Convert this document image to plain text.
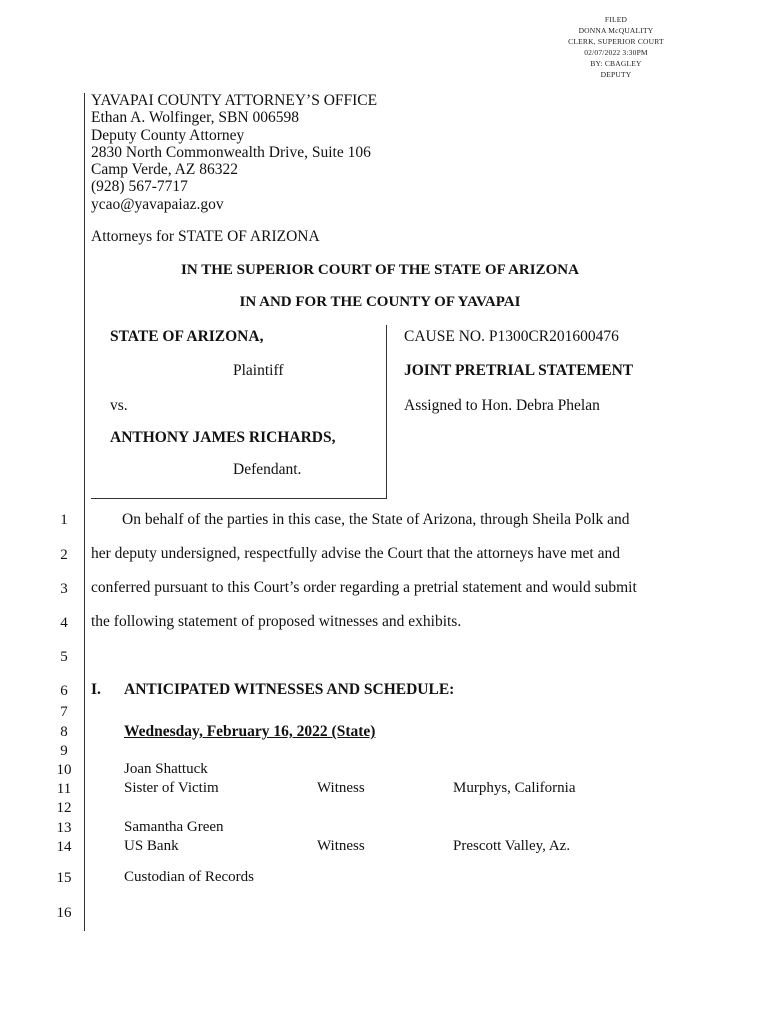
FILED
DONNA McQUALITY
CLERK, SUPERIOR COURT
02/07/2022 3:30PM
BY: CBAGLEY
DEPUTY
YAVAPAI COUNTY ATTORNEY’S OFFICE
Ethan A. Wolfinger, SBN 006598
Deputy County Attorney
2830 North Commonwealth Drive, Suite 106
Camp Verde, AZ 86322
(928) 567-7717
ycao@yavapaiaz.gov
Attorneys for STATE OF ARIZONA
IN THE SUPERIOR COURT OF THE STATE OF ARIZONA
IN AND FOR THE COUNTY OF YAVAPAI
STATE OF ARIZONA,
Plaintiff
vs.
ANTHONY JAMES RICHARDS,
Defendant.
CAUSE NO. P1300CR201600476
JOINT PRETRIAL STATEMENT
Assigned to Hon. Debra Phelan
1
2
3
4
5
6
7
8
9
10
11
12
13
14
15
16
On behalf of the parties in this case, the State of Arizona, through Sheila Polk and
her deputy undersigned, respectfully advise the Court that the attorneys have met and
conferred pursuant to this Court’s order regarding a pretrial statement and would submit
the following statement of proposed witnesses and exhibits.
I. ANTICIPATED WITNESSES AND SCHEDULE:
Wednesday, February 16, 2022 (State)
Joan Shattuck
Sister of Victim	Witness	Murphys, California
Samantha Green
US Bank	Witness	Prescott Valley, Az.
Custodian of Records
